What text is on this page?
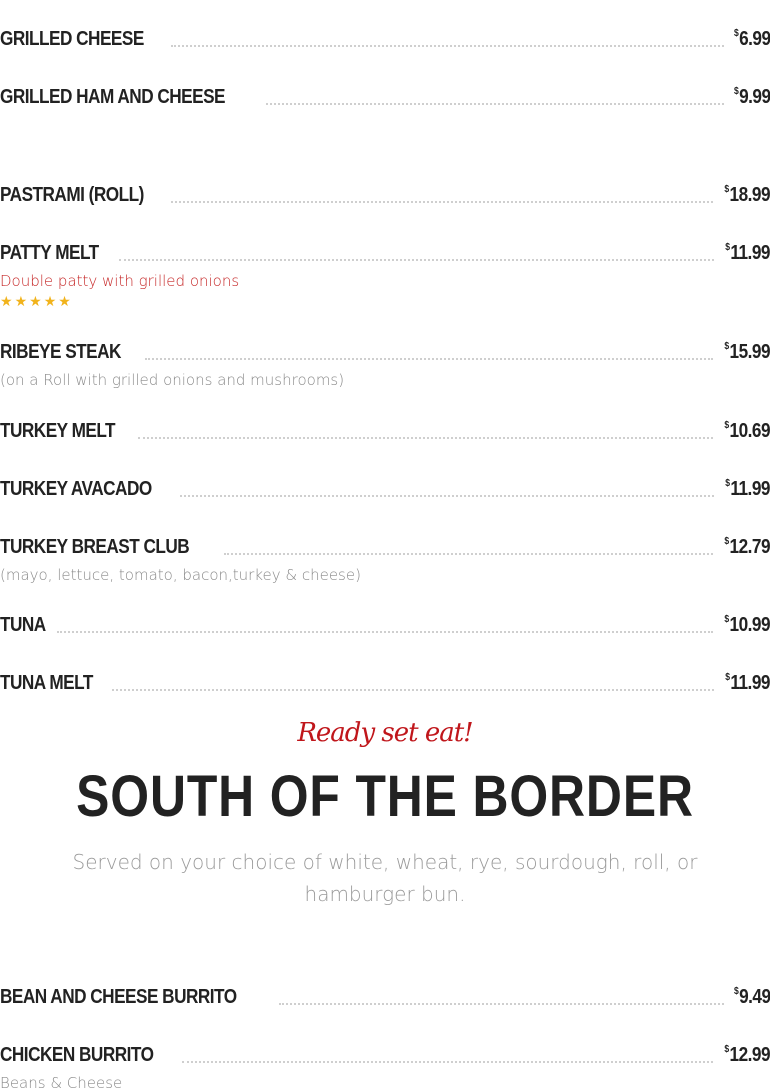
GRILLED CHEESE	$ 6.99
GRILLED HAM AND CHEESE	$ 9.99
PASTRAMI (ROLL)	$ 18.99
PATTY MELT	$ 11.99
Double patty with grilled onions
★ ★ ★ ★ ★
RIBEYE STEAK	$ 15.99
(on a Roll with grilled onions and mushrooms)
TURKEY MELT	$ 10.69
TURKEY AVACADO	$ 11.99
TURKEY BREAST CLUB	$ 12.79
(mayo, lettuce, tomato, bacon,turkey & cheese)
TUNA	$ 10.99
TUNA MELT	$ 11.99
Ready set eat!
SOUTH OF THE BORDER
Served on your choice of white, wheat, rye, sourdough, roll, or hamburger bun.
BEAN AND CHEESE BURRITO	$ 9.49
CHICKEN BURRITO	$ 12.99
Beans & Cheese
